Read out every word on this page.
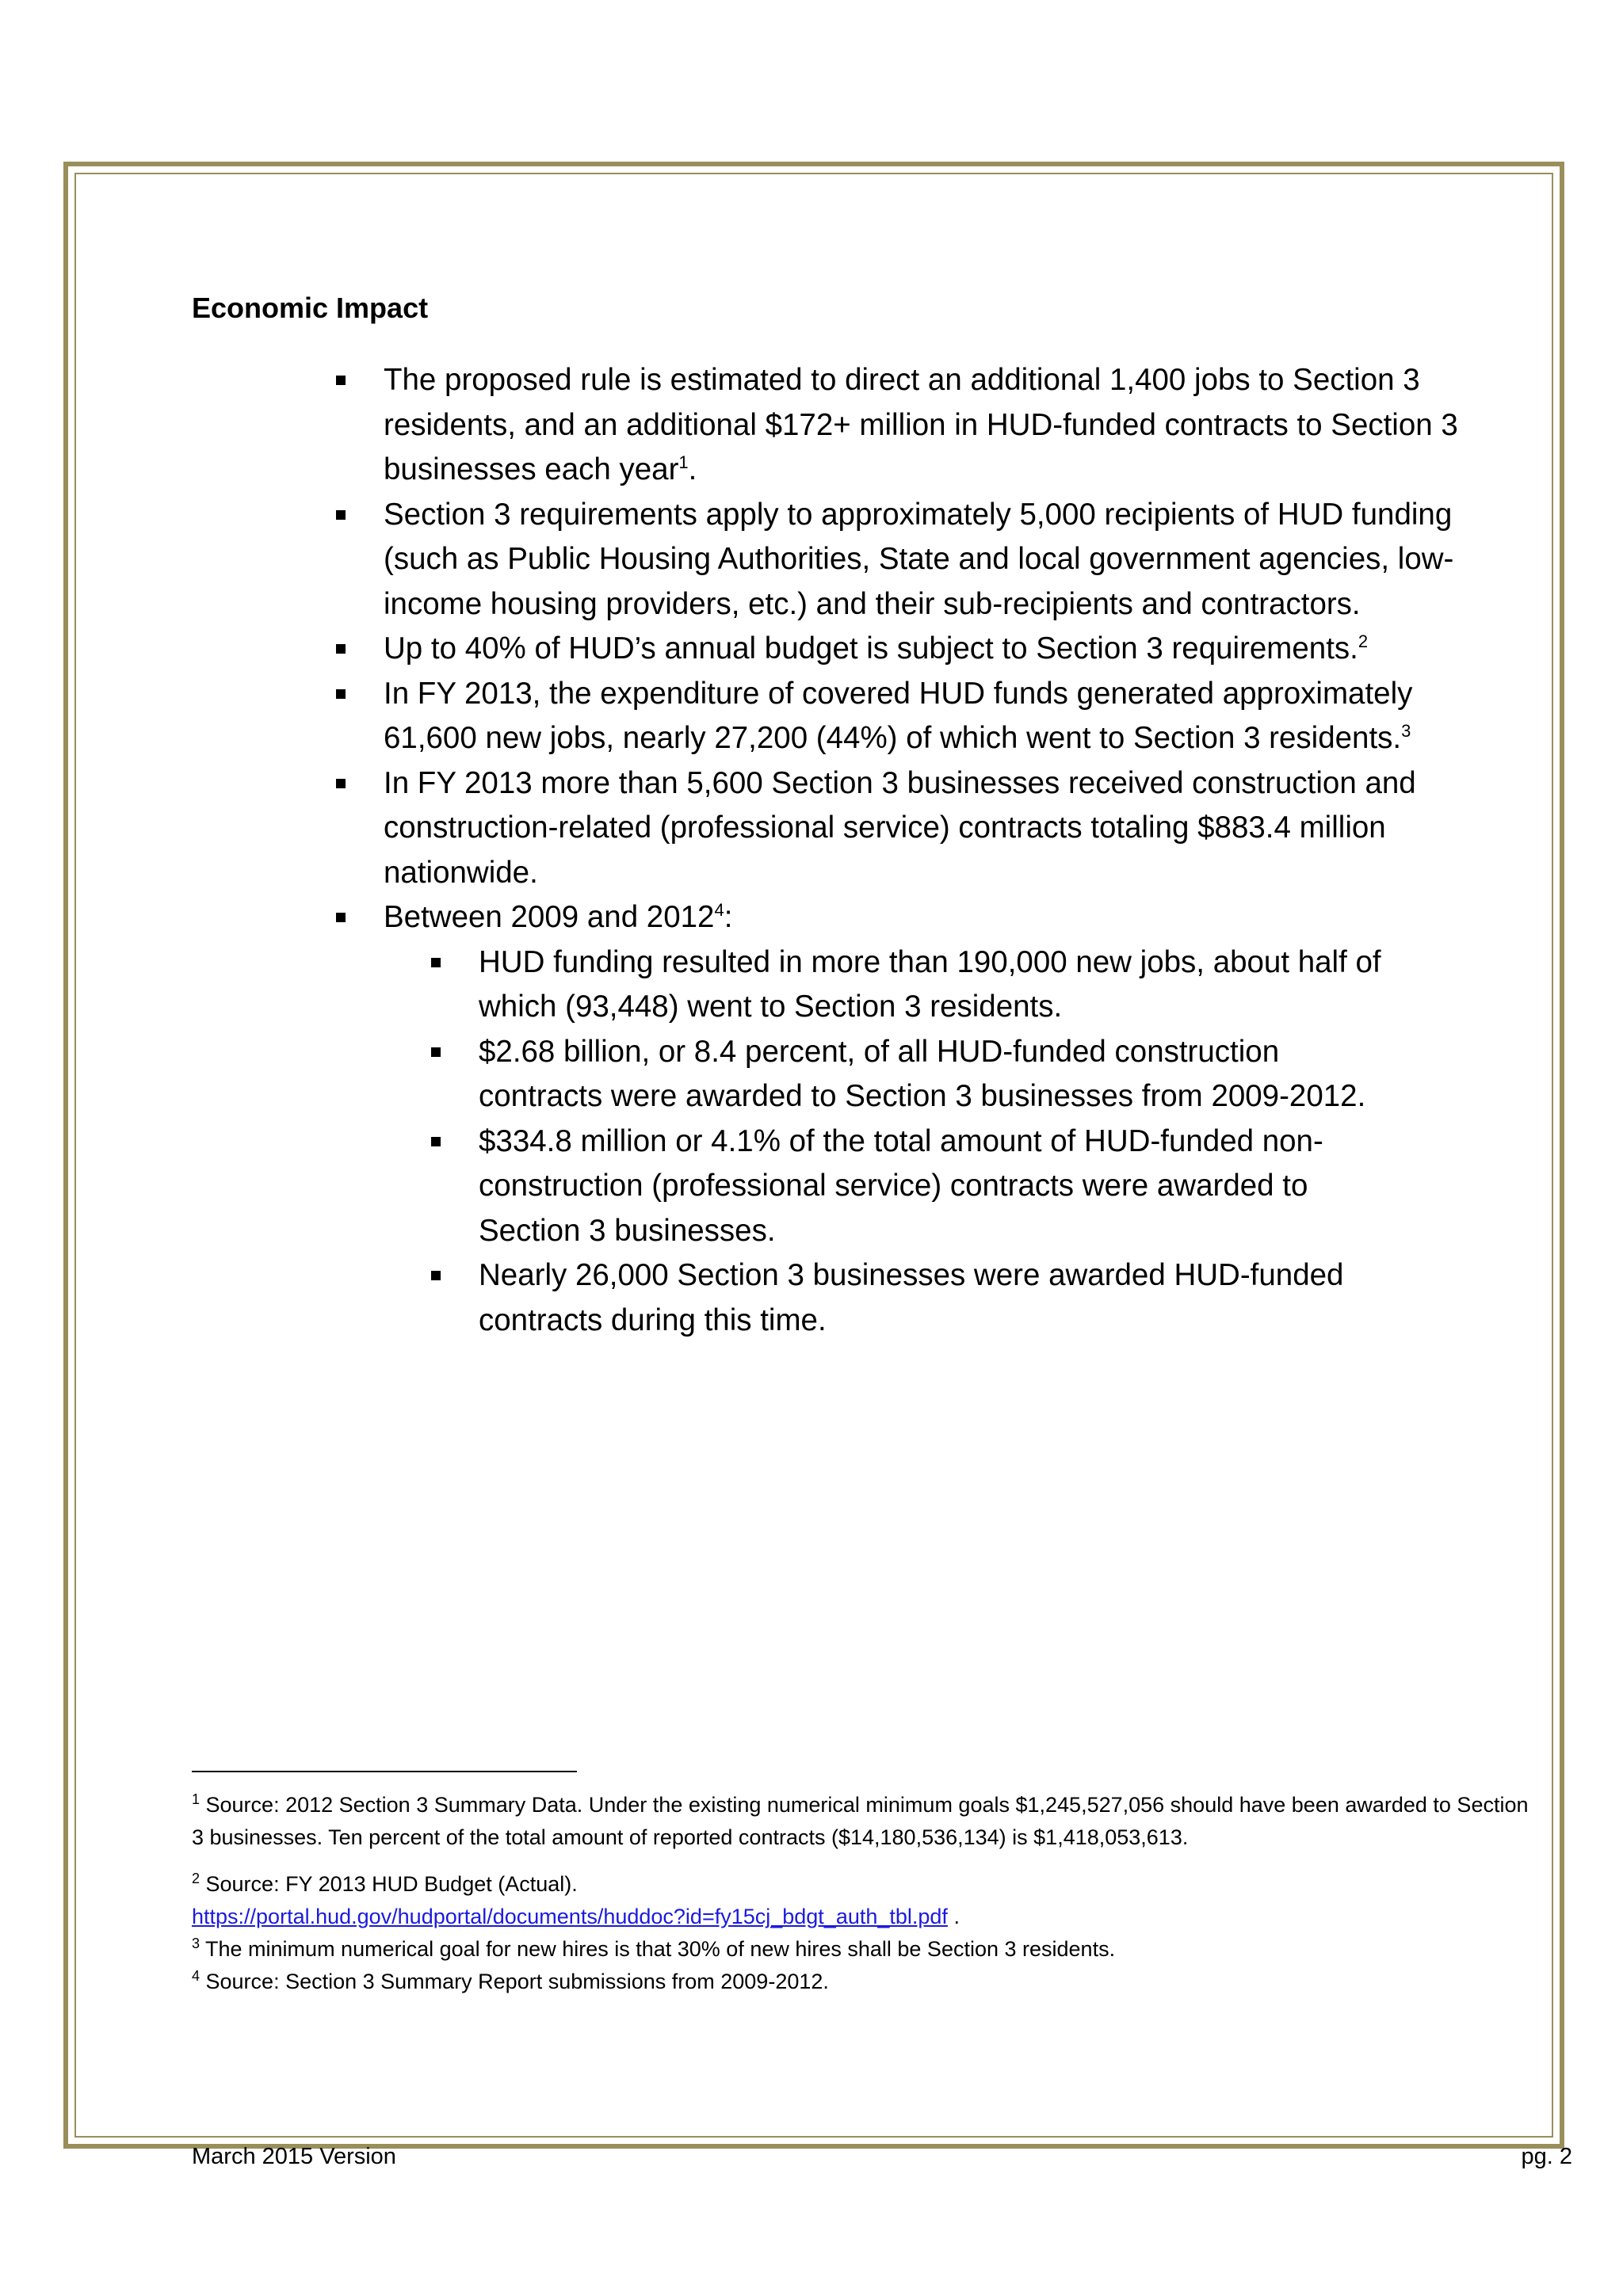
Economic Impact
The proposed rule is estimated to direct an additional 1,400 jobs to Section 3 residents, and an additional $172+ million in HUD-funded contracts to Section 3 businesses each year$^1$.
Section 3 requirements apply to approximately 5,000 recipients of HUD funding (such as Public Housing Authorities, State and local government agencies, low-income housing providers, etc.) and their sub-recipients and contractors.
Up to 40% of HUD’s annual budget is subject to Section 3 requirements.$^2$
In FY 2013, the expenditure of covered HUD funds generated approximately 61,600 new jobs, nearly 27,200 (44%) of which went to Section 3 residents.$^3$
In FY 2013 more than 5,600 Section 3 businesses received construction and construction-related (professional service) contracts totaling $883.4 million nationwide.
Between 2009 and 2012$^4$:
HUD funding resulted in more than 190,000 new jobs, about half of which (93,448) went to Section 3 residents.
$2.68 billion, or 8.4 percent, of all HUD-funded construction contracts were awarded to Section 3 businesses from 2009-2012.
$334.8 million or 4.1% of the total amount of HUD-funded non-construction (professional service) contracts were awarded to Section 3 businesses.
Nearly 26,000 Section 3 businesses were awarded HUD-funded contracts during this time.

$^1$ Source: 2012 Section 3 Summary Data. Under the existing numerical minimum goals $1,245,527,056 should have been awarded to Section 3 businesses. Ten percent of the total amount of reported contracts ($14,180,536,134) is $1,418,053,613.

$^2$ Source: FY 2013 HUD Budget (Actual).

https://portal.hud.gov/hudportal/documents/huddoc?id=fy15cj_bdgt_auth_tbl.pdf .

$^3$ The minimum numerical goal for new hires is that 30% of new hires shall be Section 3 residents.

$^4$ Source: Section 3 Summary Report submissions from 2009-2012.

March 2015 Version	pg. 2
